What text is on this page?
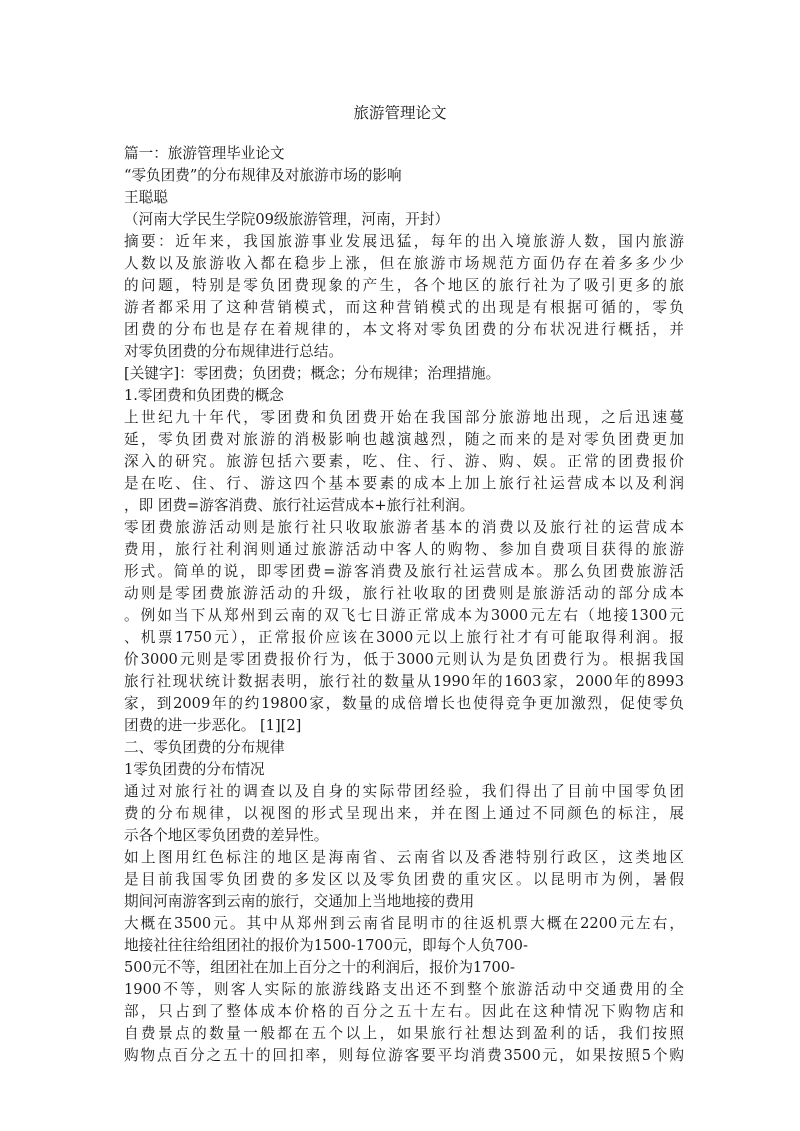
旅游管理论文
篇一：旅游管理毕业论文
“零负团费”的分布规律及对旅游市场的影响
王聪聪
（河南大学民生学院09级旅游管理，河南，开封）
摘要：近年来，我国旅游事业发展迅猛，每年的出入境旅游人数，国内旅游
人数以及旅游收入都在稳步上涨，但在旅游市场规范方面仍存在着多多少少
的问题，特别是零负团费现象的产生，各个地区的旅行社为了吸引更多的旅
游者都采用了这种营销模式，而这种营销模式的出现是有根据可循的，零负
团费的分布也是存在着规律的，本文将对零负团费的分布状况进行概括，并
对零负团费的分布规律进行总结。
[关键字]：零团费；负团费；概念；分布规律；治理措施。
1.零团费和负团费的概念
上世纪九十年代，零团费和负团费开始在我国部分旅游地出现，之后迅速蔓
延，零负团费对旅游的消极影响也越演越烈，随之而来的是对零负团费更加
深入的研究。旅游包括六要素，吃、住、行、游、购、娱。正常的团费报价
是在吃、住、行、游这四个基本要素的成本上加上旅行社运营成本以及利润
，即 团费=游客消费、旅行社运营成本+旅行社利润。
零团费旅游活动则是旅行社只收取旅游者基本的消费以及旅行社的运营成本
费用，旅行社利润则通过旅游活动中客人的购物、参加自费项目获得的旅游
形式。简单的说，即零团费=游客消费及旅行社运营成本。那么负团费旅游活
动则是零团费旅游活动的升级，旅行社收取的团费则是旅游活动的部分成本
。例如当下从郑州到云南的双飞七日游正常成本为3000元左右（地接1300元
、机票1750元），正常报价应该在3000元以上旅行社才有可能取得利润。报
价3000元则是零团费报价行为，低于3000元则认为是负团费行为。根据我国
旅行社现状统计数据表明，旅行社的数量从1990年的1603家，2000年的8993
家，到2009年的约19800家，数量的成倍增长也使得竞争更加激烈，促使零负
团费的进一步恶化。 [1][2]
二、零负团费的分布规律
1零负团费的分布情况
通过对旅行社的调查以及自身的实际带团经验，我们得出了目前中国零负团
费的分布规律，以视图的形式呈现出来，并在图上通过不同颜色的标注，展
示各个地区零负团费的差异性。
如上图用红色标注的地区是海南省、云南省以及香港特别行政区，这类地区
是目前我国零负团费的多发区以及零负团费的重灾区。以昆明市为例，暑假
期间河南游客到云南的旅行，交通加上当地地接的费用
大概在3500元。其中从郑州到云南省昆明市的往返机票大概在2200元左右，
地接社往往给组团社的报价为1500-1700元，即每个人负700-
500元不等，组团社在加上百分之十的利润后，报价为1700-
1900不等，则客人实际的旅游线路支出还不到整个旅游活动中交通费用的全
部，只占到了整体成本价格的百分之五十左右。因此在这种情况下购物店和
自费景点的数量一般都在五个以上，如果旅行社想达到盈利的话，我们按照
购物点百分之五十的回扣率，则每位游客要平均消费3500元，如果按照5个购
